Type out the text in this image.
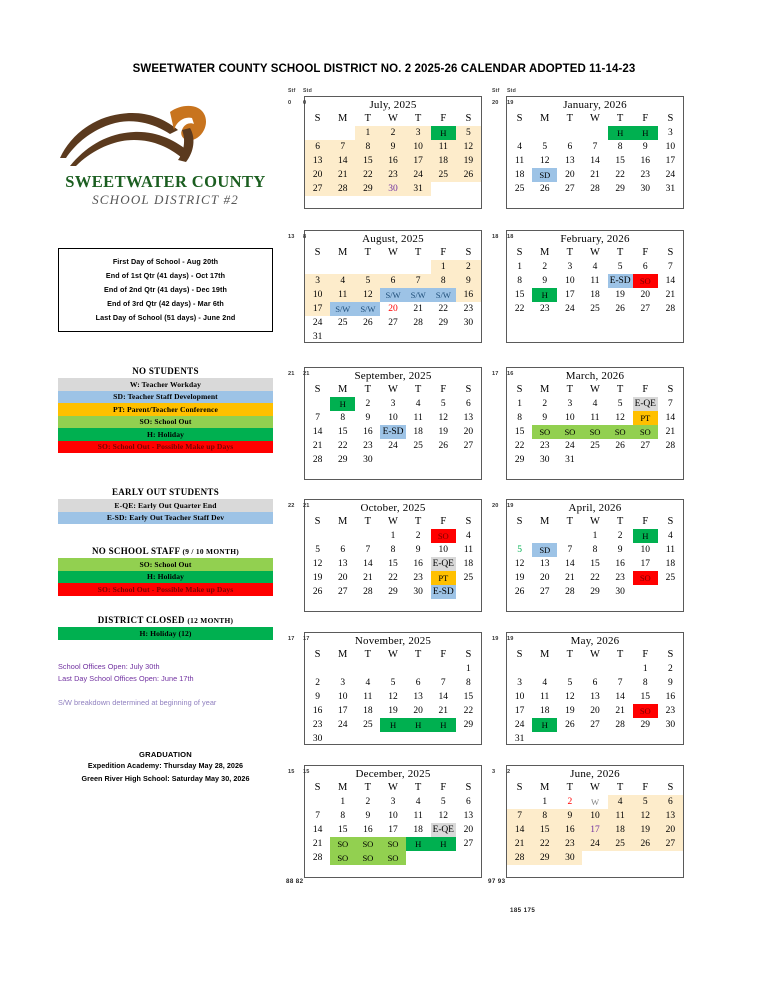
SWEETWATER COUNTY SCHOOL DISTRICT NO. 2 2025-26 CALENDAR ADOPTED 11-14-23
SWEETWATER COUNTY
SCHOOL DISTRICT #2
First Day of School - Aug 20th
End of 1st Qtr (41 days) - Oct 17th
End of 2nd Qtr (41 days) - Dec 19th
End of 3rd Qtr (42 days) - Mar 6th
Last Day of School (51 days) - June 2nd
NO STUDENTS
W: Teacher Workday
SD: Teacher Staff Development
PT: Parent/Teacher Conference
SO: School Out
H: Holiday
SO: School Out - Possible Make up Days
EARLY OUT STUDENTS
E-QE: Early Out Quarter End
E-SD: Early Out Teacher Staff Dev
NO SCHOOL STAFF (9 / 10 MONTH)
SO: School Out
H: Holiday
SO: School Out - Possible Make up Days
DISTRICT CLOSED (12 MONTH)
H: Holiday (12)
School Offices Open: July 30th
Last Day School Offices Open: June 17th
S/W breakdown determined at beginning of year
GRADUATION
Expedition Academy: Thursday May 28, 2026
Green River High School: Saturday May 30, 2026
Stf Std	Stf Std
July, 2025
S	M	T	W	T	F	S
		1	2	3	H	5
6	7	8	9	10	11	12
13	14	15	16	17	18	19
20	21	22	23	24	25	26
27	28	29	30	31		

August, 2025
S	M	T	W	T	F	S
					1	2
3	4	5	6	7	8	9
10	11	12	S/W	S/W	S/W	16
17	S/W	S/W	20	21	22	23
24	25	26	27	28	29	30
31						
September, 2025
S	M	T	W	T	F	S
	H	2	3	4	5	6
7	8	9	10	11	12	13
14	15	16	E-SD	18	19	20
21	22	23	24	25	26	27
28	29	30				

October, 2025
S	M	T	W	T	F	S
			1	2	SO	4
5	6	7	8	9	10	11
12	13	14	15	16	E-QE	18
19	20	21	22	23	PT	25
26	27	28	29	30	E-SD	

November, 2025
S	M	T	W	T	F	S
						1
2	3	4	5	6	7	8
9	10	11	12	13	14	15
16	17	18	19	20	21	22
23	24	25	H	H	H	29
30						
December, 2025
S	M	T	W	T	F	S
	1	2	3	4	5	6
7	8	9	10	11	12	13
14	15	16	17	18	E-QE	20
21	SO	SO	SO	H	H	27
28	SO	SO	SO			

January, 2026
S	M	T	W	T	F	S
				H	H	3
4	5	6	7	8	9	10
11	12	13	14	15	16	17
18	SD	20	21	22	23	24
25	26	27	28	29	30	31

February, 2026
S	M	T	W	T	F	S
1	2	3	4	5	6	7
8	9	10	11	E-SD	SO	14
15	H	17	18	19	20	21
22	23	24	25	26	27	28

March, 2026
S	M	T	W	T	F	S
1	2	3	4	5	E-QE	7
8	9	10	11	12	PT	14
15	SO	SO	SO	SO	SO	21
22	23	24	25	26	27	28
29	30	31				

April, 2026
S	M	T	W	T	F	S
			1	2	H	4
5	SD	7	8	9	10	11
12	13	14	15	16	17	18
19	20	21	22	23	SO	25
26	27	28	29	30		

May, 2026
S	M	T	W	T	F	S
					1	2
3	4	5	6	7	8	9
10	11	12	13	14	15	16
17	18	19	20	21	SO	23
24	H	26	27	28	29	30
31						
June, 2026
S	M	T	W	T	F	S
	1	2	W	4	5	6
7	8	9	10	11	12	13
14	15	16	17	18	19	20
21	22	23	24	25	26	27
28	29	30				

88 82	97 93
185 175
0 0
13 8
21 21
22 21
17 17
15 15
20 19
18 18
17 16
20 19
19 19
3 2
